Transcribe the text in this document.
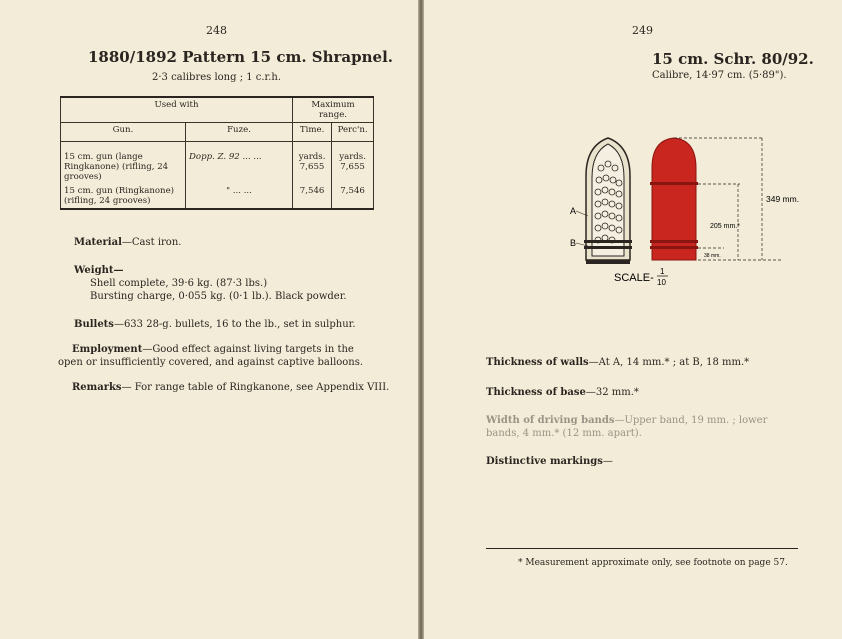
248
1880/1892 Pattern 15 cm. Shrapnel.
2·3 calibres long ; 1 c.r.h.
Used with		Maximum range.	
Gun.	Fuze.	Time.	Perc'n.
15 cm. gun (lange Ringkanone) (rifling, 24 grooves)	Dopp. Z. 92 ... ...	yards. 7,655	yards. 7,655
15 cm. gun (Ringkanone) (rifling, 24 grooves)	" ... ...	7,546	7,546
Material—Cast iron.
Weight—
Shell complete, 39·6 kg. (87·3 lbs.)
Bursting charge, 0·055 kg. (0·1 lb.). Black powder.
Bullets—633 28-g. bullets, 16 to the lb., set in sulphur.
Employment—Good effect against living targets in the open or insufficiently covered, and against captive balloons.
Remarks— For range table of Ringkanone, see Appendix VIII.
249
15 cm. Schr. 80/92.
Calibre, 14·97 cm. (5·89").
A
B
349 mm.
205 mm.*
38 mm.
SCALE-
1
10
Thickness of walls—At A, 14 mm.* ; at B, 18 mm.*
Thickness of base—32 mm.*
Width of driving bands—Upper band, 19 mm. ; lower bands, 4 mm.* (12 mm. apart).
Distinctive markings—
* Measurement approximate only, see footnote on page 57.
